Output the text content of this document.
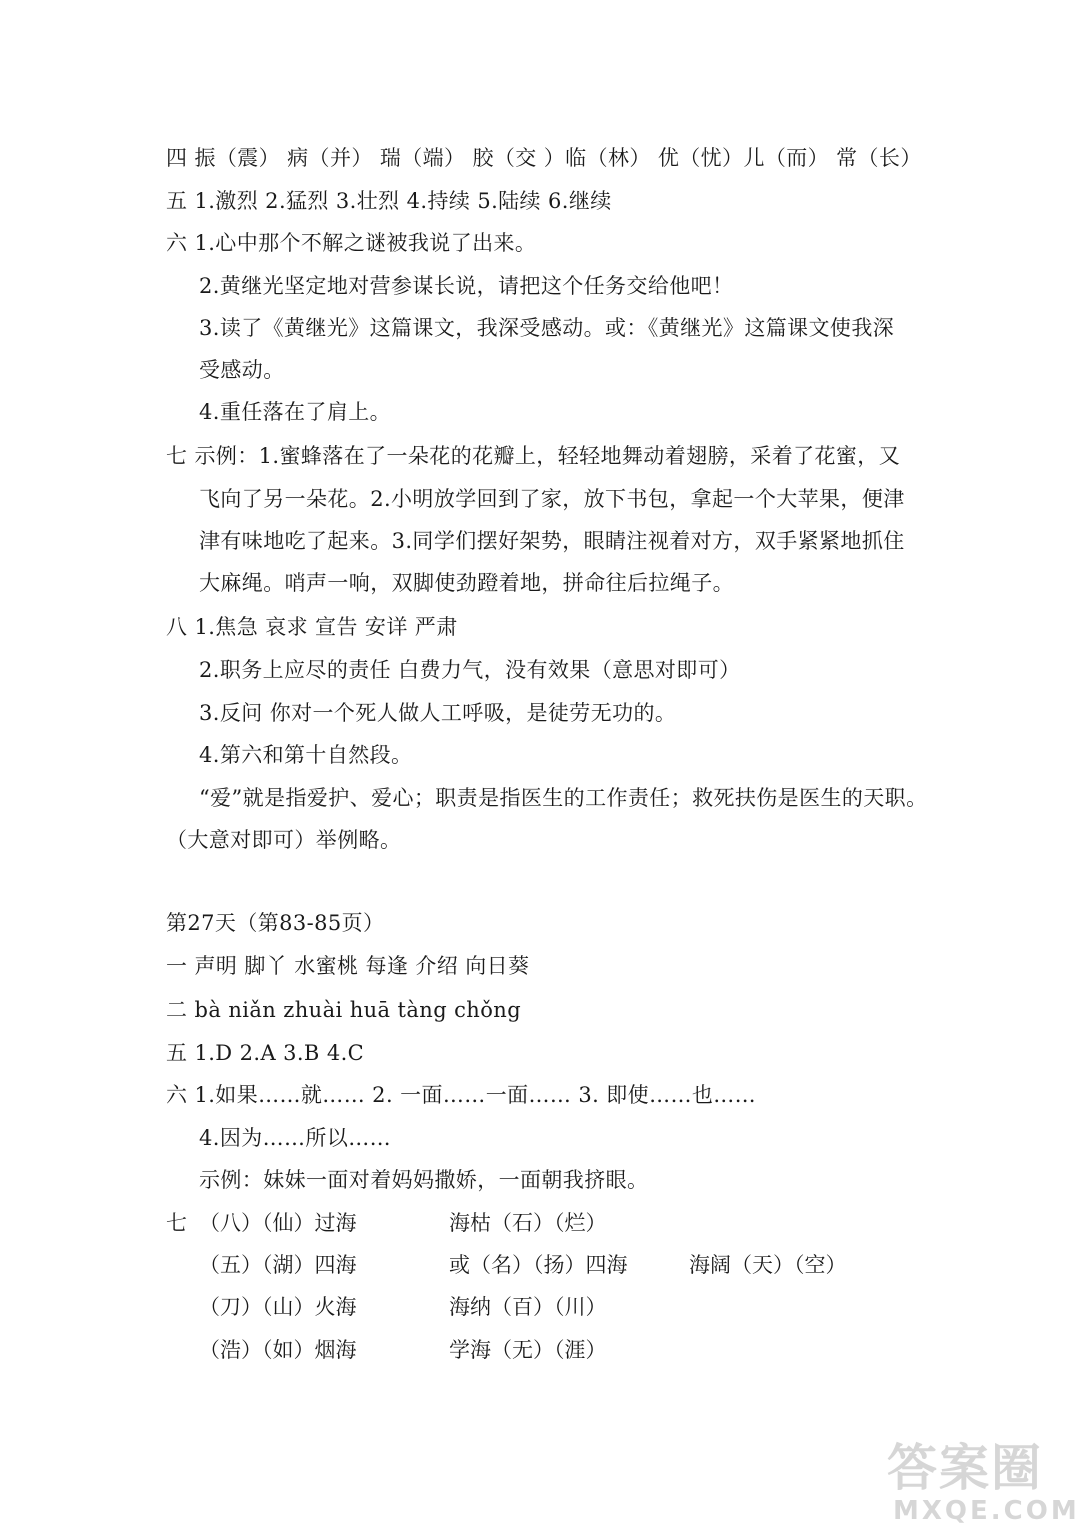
四 振（震） 病（并） 瑞（端） 胶（交 ）临（林） 优（忧）儿（而） 常（长）
五 1.激烈 2.猛烈 3.壮烈 4.持续 5.陆续 6.继续
六 1.心中那个不解之谜被我说了出来。
2.黄继光坚定地对营参谋长说，请把这个任务交给他吧！
3.读了《黄继光》这篇课文，我深受感动。或：《黄继光》这篇课文使我深
受感动。
4.重任落在了肩上。
七 示例：1.蜜蜂落在了一朵花的花瓣上，轻轻地舞动着翅膀，采着了花蜜，又
飞向了另一朵花。2.小明放学回到了家，放下书包，拿起一个大苹果，便津
津有味地吃了起来。3.同学们摆好架势，眼睛注视着对方，双手紧紧地抓住
大麻绳。哨声一响，双脚使劲蹬着地，拼命往后拉绳子。
八 1.焦急 哀求 宣告 安详 严肃
2.职务上应尽的责任 白费力气，没有效果（意思对即可）
3.反问 你对一个死人做人工呼吸，是徒劳无功的。
4.第六和第十自然段。
“爱”就是指爱护、爱心；职责是指医生的工作责任；救死扶伤是医生的天职。
（大意对即可）举例略。
第27天（第83-85页）
一 声明 脚丫 水蜜桃 每逢 介绍 向日葵
二 bà niǎn zhuài huā tàng chǒng
五 1.D 2.A 3.B 4.C
六 1.如果……就…… 2. 一面……一面…… 3. 即使……也……
4.因为……所以……
示例：妹妹一面对着妈妈撒娇，一面朝我挤眼。
七 （八）（仙）过海	海枯（石）（烂）
（五）（湖）四海	或（名）（扬）四海	海阔（天）（空）
（刀）（山）火海	海纳（百）（川）
（浩）（如）烟海	学海（无）（涯）
答案圈
MXQE.COM
